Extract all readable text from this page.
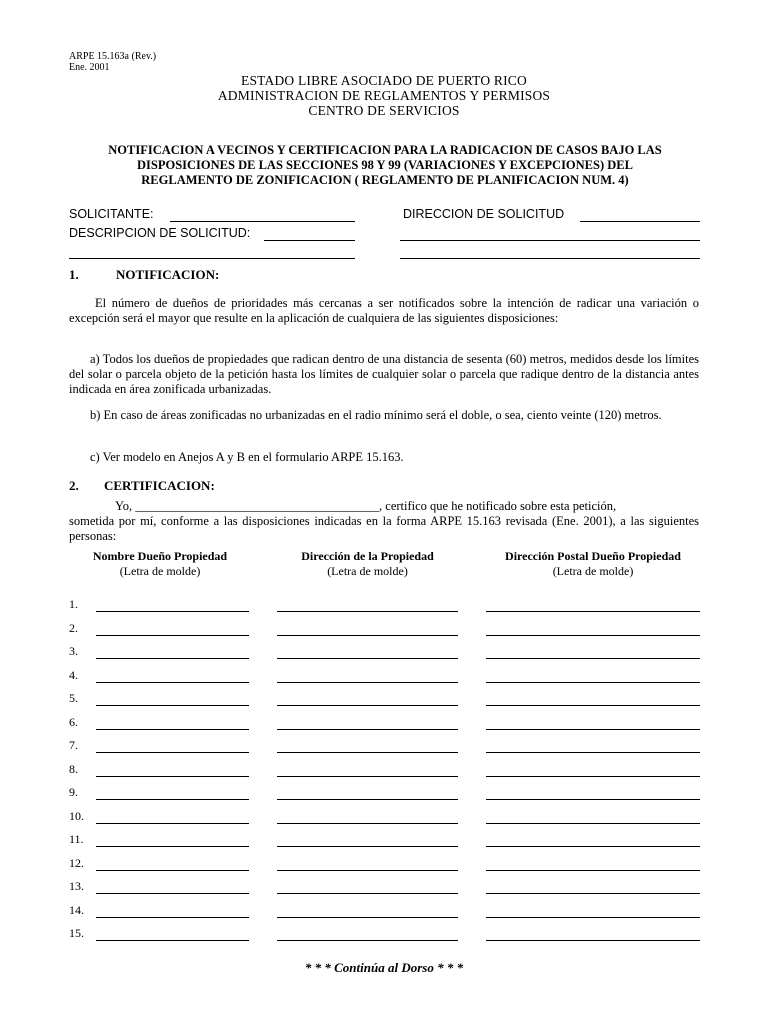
ARPE 15.163a (Rev.)
Ene. 2001
ESTADO LIBRE ASOCIADO DE PUERTO RICO
ADMINISTRACION DE REGLAMENTOS Y PERMISOS
CENTRO DE SERVICIOS
NOTIFICACION A VECINOS Y CERTIFICACION PARA LA RADICACION DE CASOS BAJO LAS
DISPOSICIONES DE LAS SECCIONES 98 Y 99 (VARIACIONES Y EXCEPCIONES) DEL
REGLAMENTO DE ZONIFICACION ( REGLAMENTO DE PLANIFICACION NUM. 4)
SOLICITANTE:	DIRECCION DE SOLICITUD
DESCRIPCION DE SOLICITUD:
1.	NOTIFICACION:
El número de dueños de prioridades más cercanas a ser notificados sobre la intención de radicar una variación o excepción será el mayor que resulte en la aplicación de cualquiera de las siguientes disposiciones:
a) Todos los dueños de propiedades que radican dentro de una distancia de sesenta (60) metros, medidos desde los límites del solar o parcela objeto de la petición hasta los límites de cualquier solar o parcela que radique dentro de la distancia antes indicada en área zonificada urbanizadas.
b) En caso de áreas zonificadas no urbanizadas en el radio mínimo será el doble, o sea, ciento veinte (120) metros.
c) Ver modelo en Anejos A y B en el formulario ARPE 15.163.
2. CERTIFICACION:
Yo, _______________________________________, certifico que he notificado sobre esta petición,
sometida por mí, conforme a las disposiciones indicadas en la forma ARPE 15.163 revisada (Ene. 2001), a las siguientes personas:
Nombre Dueño Propiedad
(Letra de molde)
Dirección de la Propiedad
(Letra de molde)
Dirección Postal Dueño Propiedad
(Letra de molde)
1.
2.
3.
4.
5.
6.
7.
8.
9.
10.
11.
12.
13.
14.
15.
* * * Continúa al Dorso * * *
